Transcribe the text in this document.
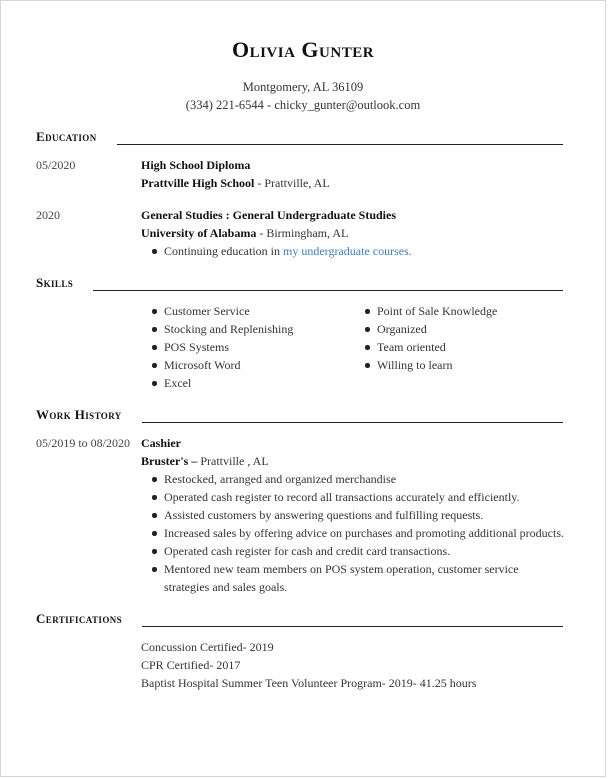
Olivia Gunter
Montgomery, AL 36109
(334) 221-6544 - chicky_gunter@outlook.com
Education
05/2020	High School Diploma
Prattville High School - Prattville, AL
2020	General Studies : General Undergraduate Studies
University of Alabama - Birmingham, AL
Continuing education in my undergraduate courses.
Skills
Customer Service
Stocking and Replenishing
POS Systems
Microsoft Word
Excel
Point of Sale Knowledge
Organized
Team oriented
Willing to learn
Work History
05/2019 to 08/2020 Cashier
Bruster's – Prattville , AL
Restocked, arranged and organized merchandise
Operated cash register to record all transactions accurately and efficiently.
Assisted customers by answering questions and fulfilling requests.
Increased sales by offering advice on purchases and promoting additional products.
Operated cash register for cash and credit card transactions.
Mentored new team members on POS system operation, customer service
strategies and sales goals.
Certifications
Concussion Certified- 2019
CPR Certified- 2017
Baptist Hospital Summer Teen Volunteer Program- 2019- 41.25 hours
